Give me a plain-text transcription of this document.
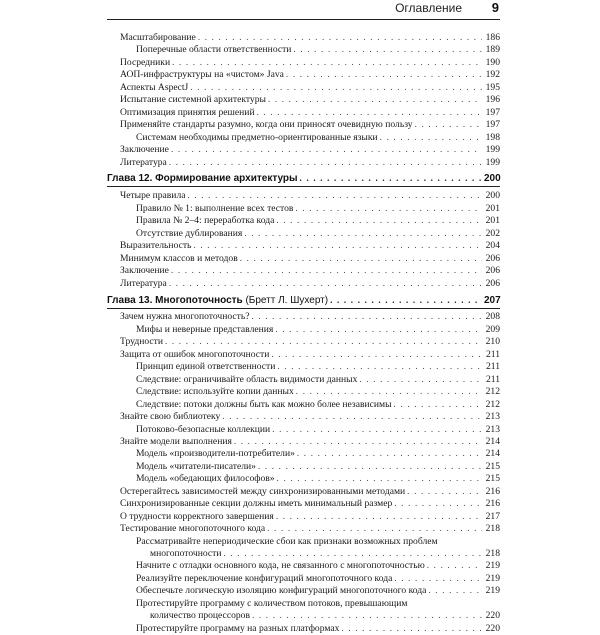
Оглавление 9
Масштабирование . . .	186
Поперечные области ответственности . . .	189
Посредники . . .	190
АОП-инфраструктуры на «чистом» Java . . .	192
Аспекты AspectJ . . .	195
Испытание системной архитектуры . . .	196
Оптимизация принятия решений . . .	197
Применяйте стандарты разумно, когда они приносят очевидную пользу . . .	197
Системам необходимы предметно-ориентированные языки . . .	198
Заключение . . .	199
Литература . . .	199
Глава 12. Формирование архитектуры . . .	200
Четыре правила . . .	200
Правило № 1: выполнение всех тестов . . .	201
Правила № 2–4: переработка кода . . .	201
Отсутствие дублирования . . .	202
Выразительность . . .	204
Минимум классов и методов . . .	206
Заключение . . .	206
Литература . . .	206
Глава 13. Многопоточность (Бретт Л. Шухерт) . . .	207
Зачем нужна многопоточность? . . .	208
Мифы и неверные представления . . .	209
Трудности . . .	210
Защита от ошибок многопоточности . . .	211
Принцип единой ответственности . . .	211
Следствие: ограничивайте область видимости данных . . .	211
Следствие: используйте копии данных . . .	212
Следствие: потоки должны быть как можно более независимы . . .	212
Знайте свою библиотеку . . .	213
Потоково-безопасные коллекции . . .	213
Знайте модели выполнения . . .	214
Модель «производители-потребители» . . .	214
Модель «читатели-писатели» . . .	215
Модель «обедающих философов» . . .	215
Остерегайтесь зависимостей между синхронизированными методами . . .	216
Синхронизированные секции должны иметь минимальный размер . . .	216
О трудности корректного завершения . . .	217
Тестирование многопоточного кода . . .	218
Рассматривайте непериодические сбои как признаки возможных проблем
многопоточности . . .	218
Начните с отладки основного кода, не связанного с многопоточностью . . .	219
Реализуйте переключение конфигураций многопоточного кода . . .	219
Обеспечьте логическую изоляцию конфигураций многопоточного кода . . .	219
Протестируйте программу с количеством потоков, превышающим
количество процессоров . . .	220
Протестируйте программу на разных платформах . . .	220
